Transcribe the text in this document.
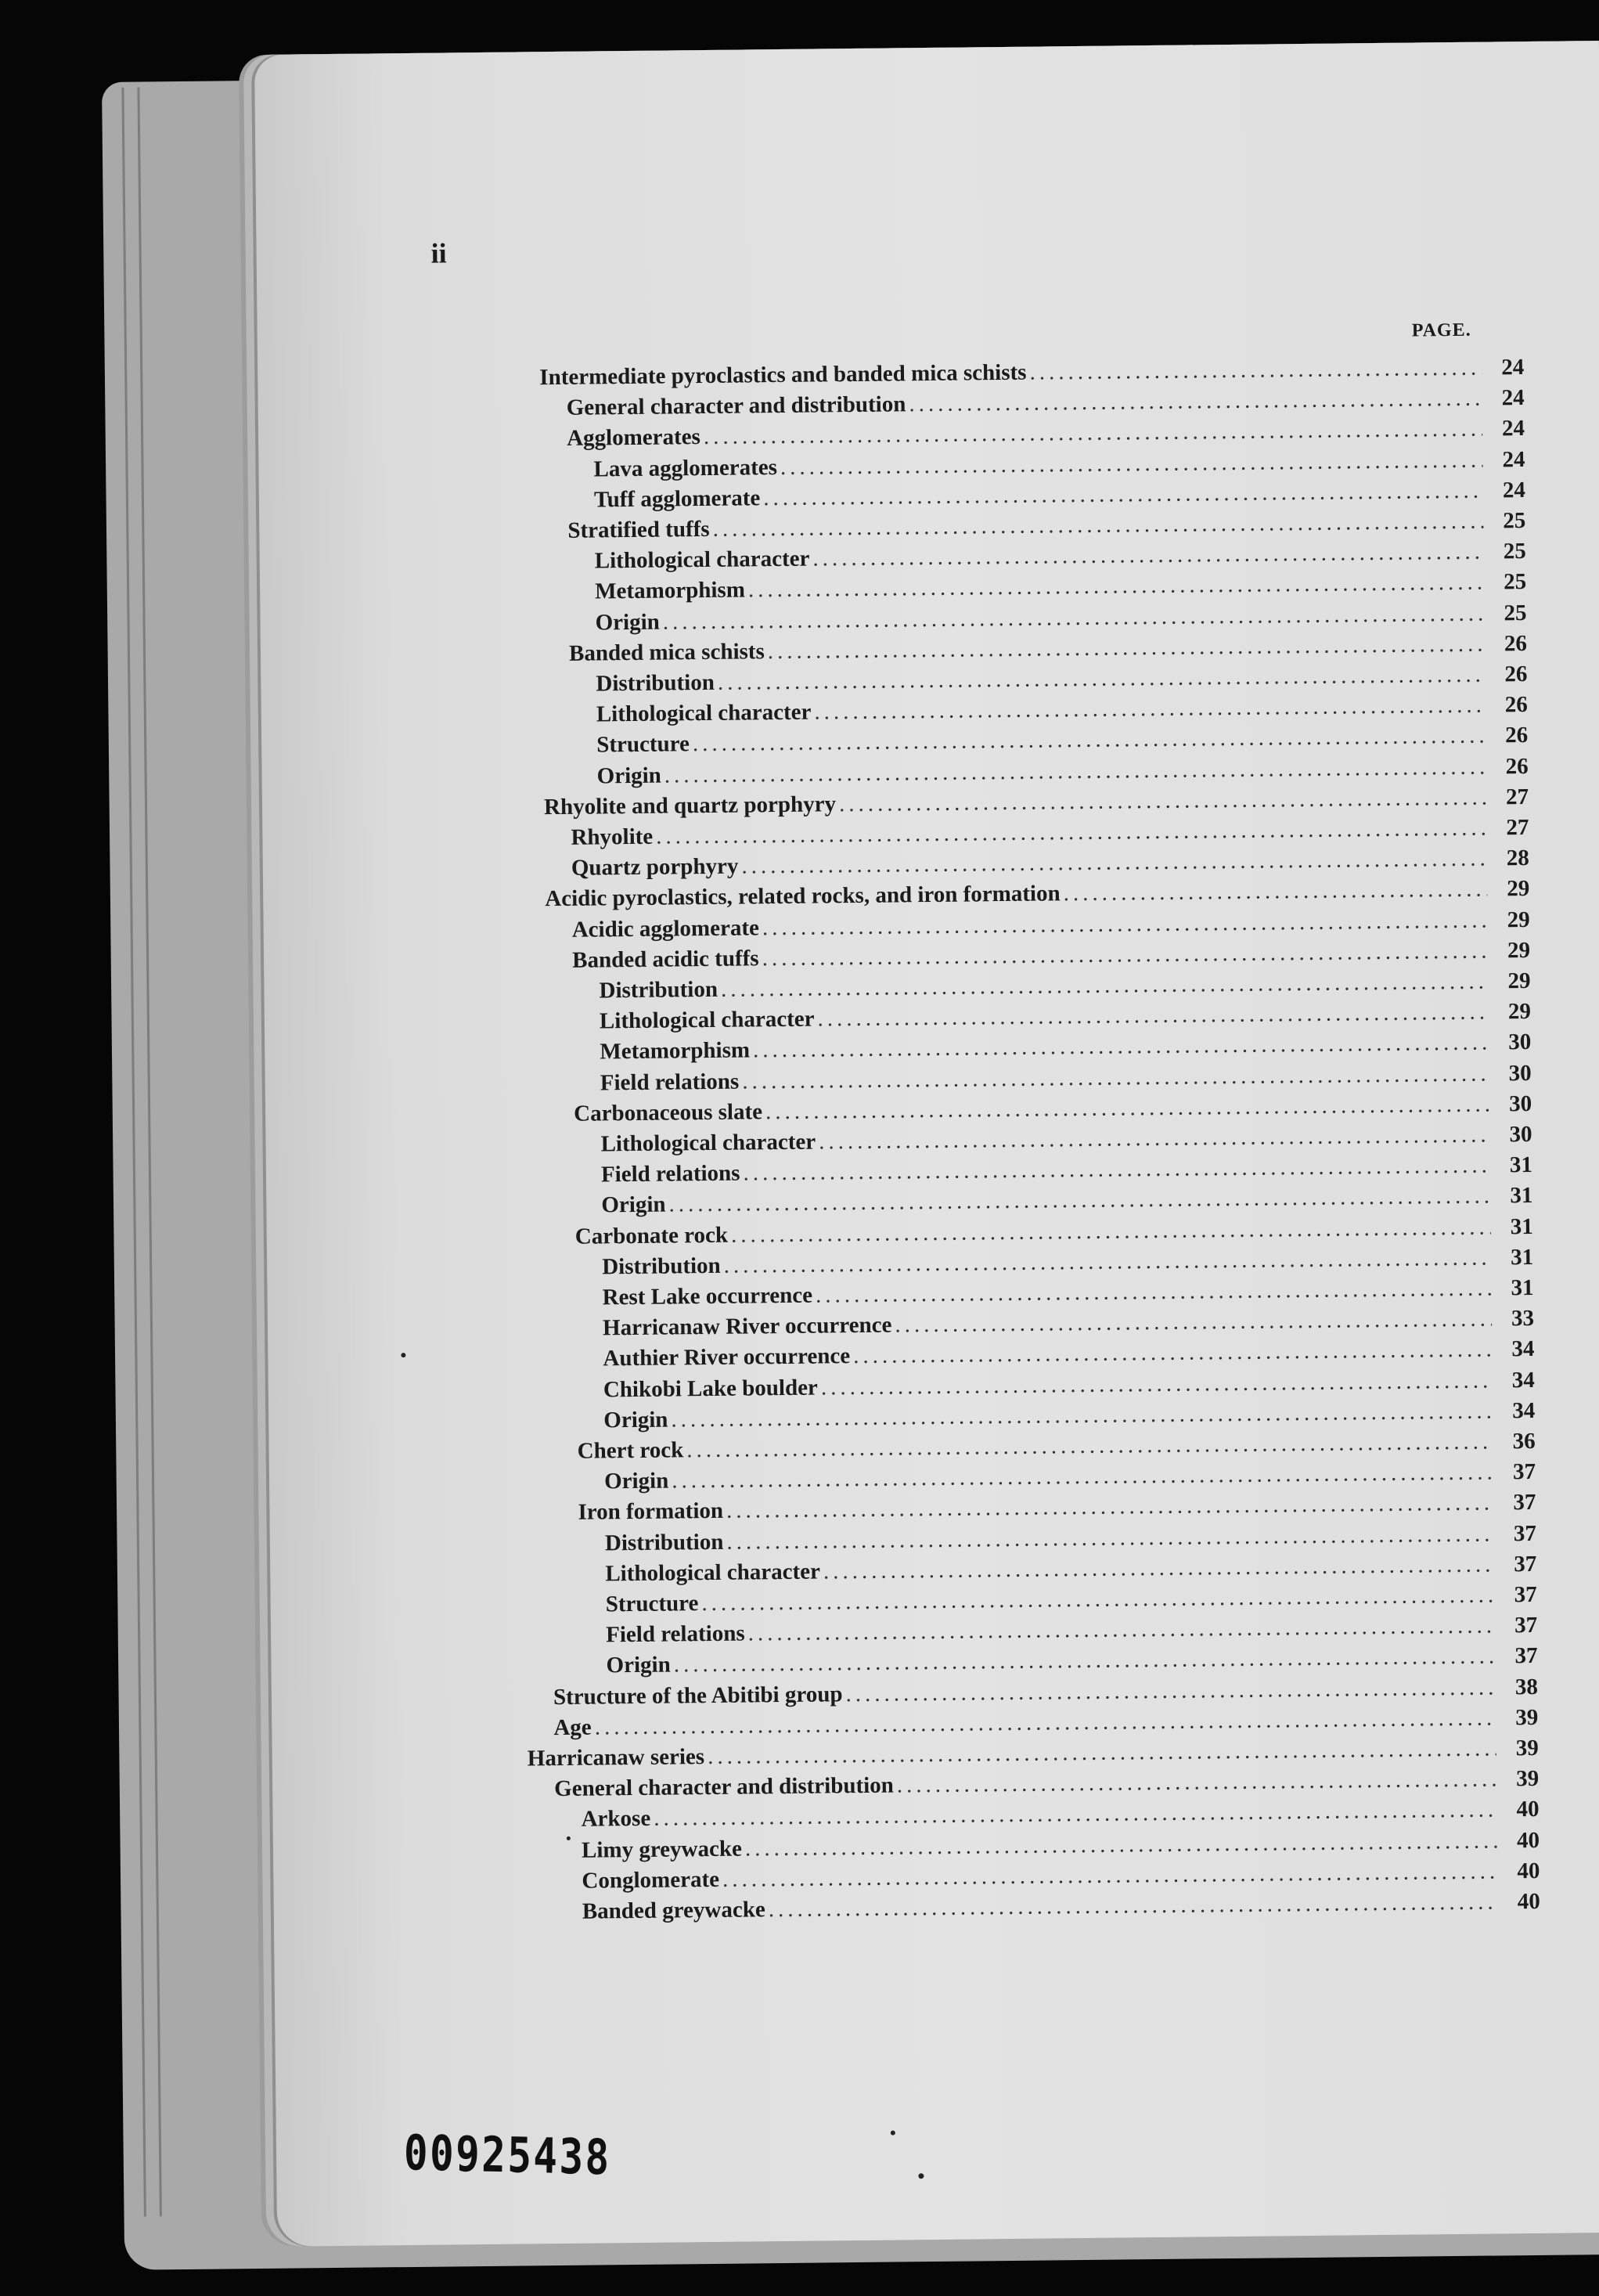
ii
PAGE.
Intermediate pyroclastics and banded mica schists .....	24
General character and distribution .....	24
Agglomerates .....	24
Lava agglomerates .....	24
Tuff agglomerate .....	24
Stratified tuffs .....	25
Lithological character .....	25
Metamorphism .....	25
Origin .....	25
Banded mica schists .....	26
Distribution .....	26
Lithological character .....	26
Structure .....	26
Origin .....	26
Rhyolite and quartz porphyry .....	27
Rhyolite .....	27
Quartz porphyry .....	28
Acidic pyroclastics, related rocks, and iron formation .....	29
Acidic agglomerate .....	29
Banded acidic tuffs .....	29
Distribution .....	29
Lithological character .....	29
Metamorphism .....	30
Field relations .....	30
Carbonaceous slate .....	30
Lithological character .....	30
Field relations .....	31
Origin .....	31
Carbonate rock .....	31
Distribution .....	31
Rest Lake occurrence .....	31
Harricanaw River occurrence .....	33
Authier River occurrence .....	34
Chikobi Lake boulder .....	34
Origin .....	34
Chert rock .....	36
Origin .....	37
Iron formation .....	37
Distribution .....	37
Lithological character .....	37
Structure .....	37
Field relations .....	37
Origin .....	37
Structure of the Abitibi group .....	38
Age .....	39
Harricanaw series .....	39
General character and distribution .....	39
Arkose .....	40
Limy greywacke .....	40
Conglomerate .....	40
Banded greywacke .....	40
00925438
